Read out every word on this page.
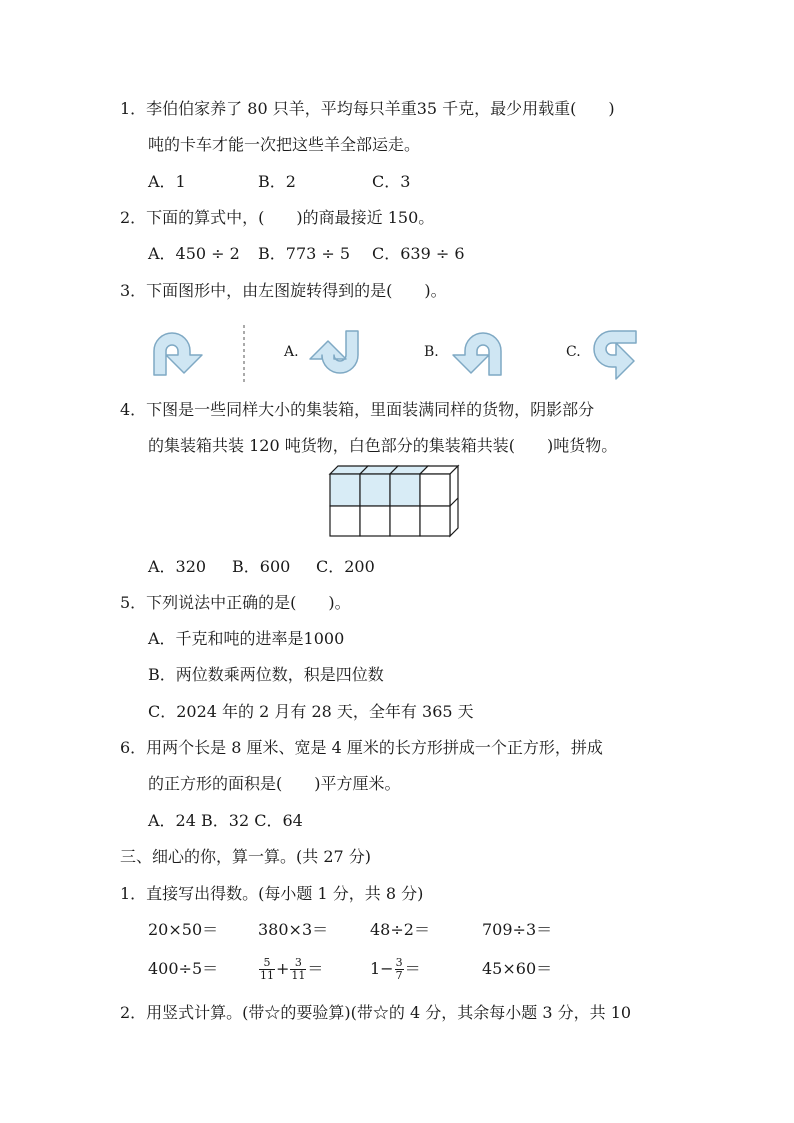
1．李伯伯家养了 80 只羊，平均每只羊重35 千克，最少用载重(　　)
吨的卡车才能一次把这些羊全部运走。
A．1	B．2	C．3
2．下面的算式中，(　　)的商最接近 150。
A．450 ÷ 2 B．773 ÷ 5 C．639 ÷ 6
3．下面图形中，由左图旋转得到的是(　　)。
A.	B.	C.
4．下图是一些同样大小的集装箱，里面装满同样的货物，阴影部分
的集装箱共装 120 吨货物，白色部分的集装箱共装(　　)吨货物。
A．320 B．600 C．200
5．下列说法中正确的是(　　)。
A．千克和吨的进率是1000
B．两位数乘两位数，积是四位数
C．2024 年的 2 月有 28 天，全年有 365 天
6．用两个长是 8 厘米、宽是 4 厘米的长方形拼成一个正方形，拼成
的正方形的面积是(　　)平方厘米。
A．24 B．32 C．64
三、细心的你，算一算。(共 27 分)
1．直接写出得数。(每小题 1 分，共 8 分)
20×50＝ 380×3＝	48÷2＝	709÷3＝
400÷5＝	$\frac{5}{11} + \frac{3}{11}$ ＝	$1- \frac{3}{7}$ ＝	45×60＝
2．用竖式计算。(带☆的要验算)(带☆的 4 分，其余每小题 3 分，共 10
